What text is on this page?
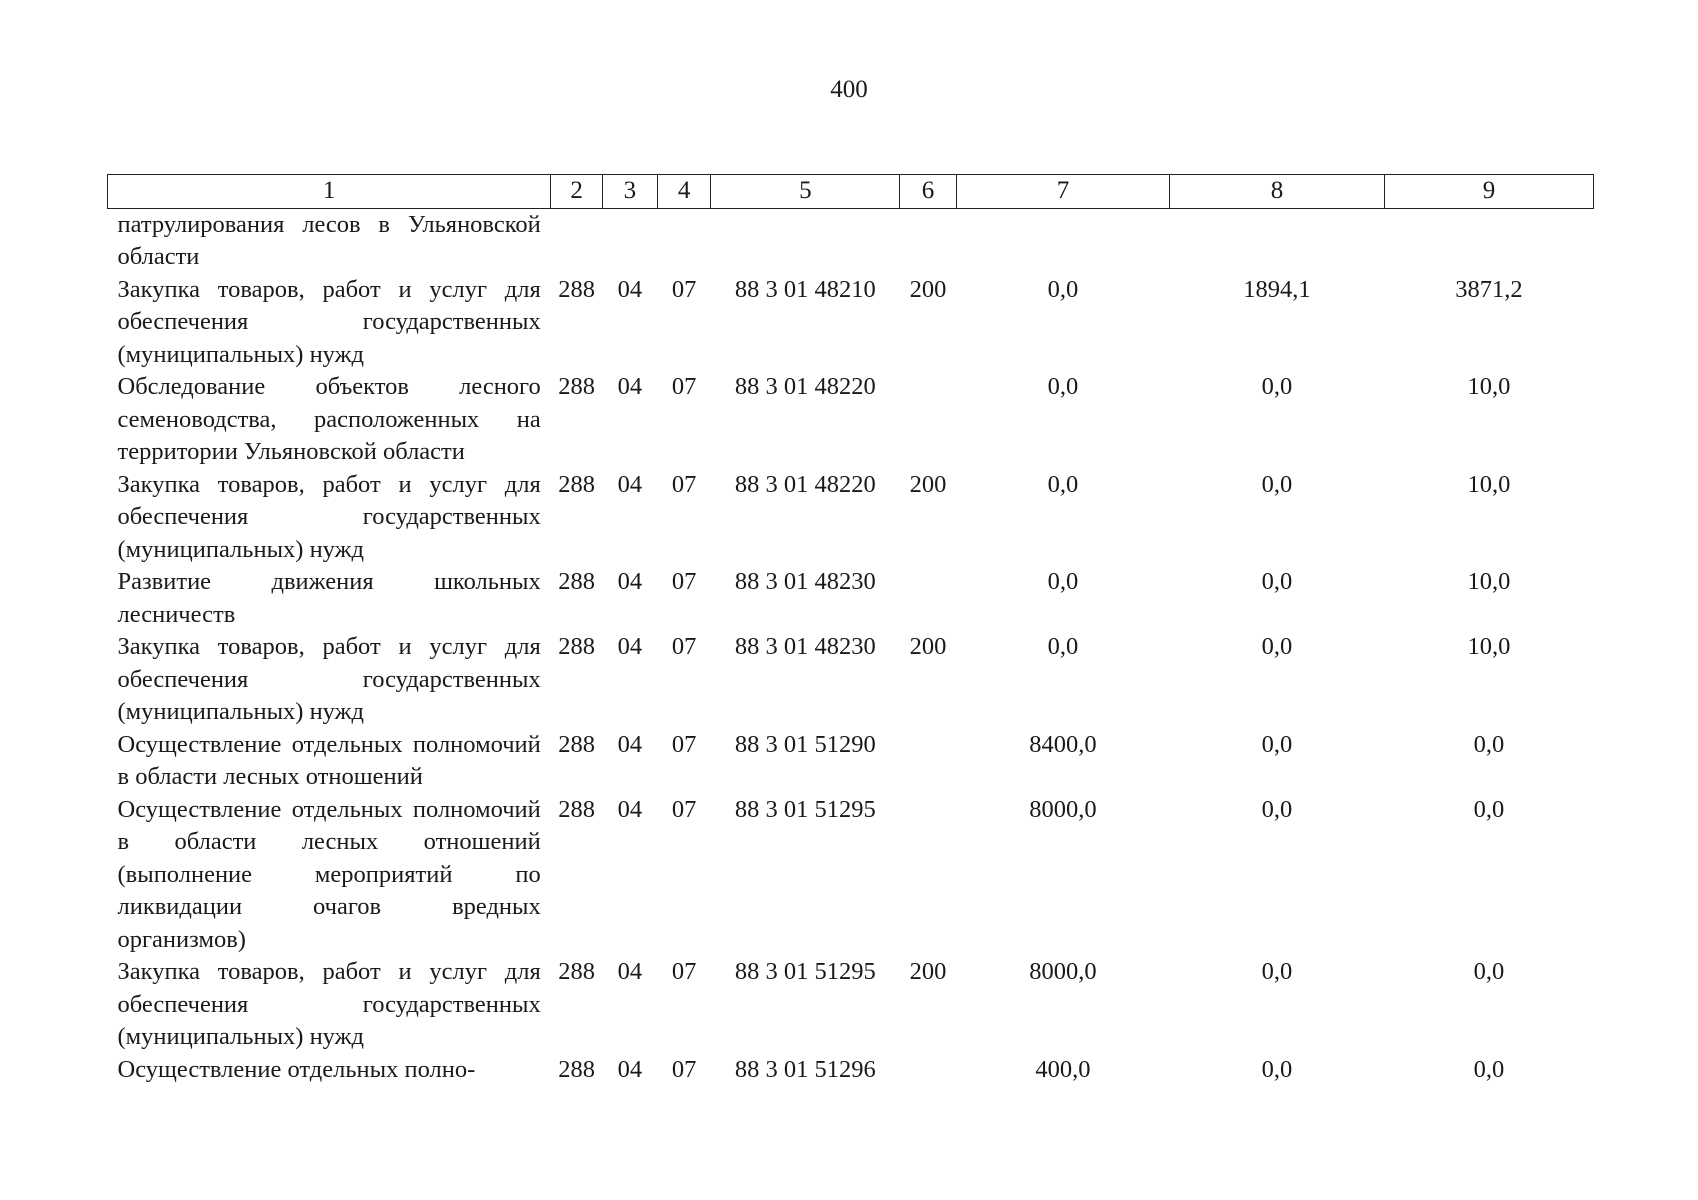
400
1	2	3	4	5	6	7	8	9
патрулирования лесов в Ульяновской области								
Закупка товаров, работ и услуг для обеспечения государственных (муниципальных) нужд	288	04	07	88 3 01 48210	200	0,0	1894,1	3871,2
Обследование объектов лесного семеноводства, расположенных на территории Ульяновской области	288	04	07	88 3 01 48220		0,0	0,0	10,0
Закупка товаров, работ и услуг для обеспечения государственных (муниципальных) нужд	288	04	07	88 3 01 48220	200	0,0	0,0	10,0
Развитие движения школьных лесничеств	288	04	07	88 3 01 48230		0,0	0,0	10,0
Закупка товаров, работ и услуг для обеспечения государственных (муниципальных) нужд	288	04	07	88 3 01 48230	200	0,0	0,0	10,0
Осуществление отдельных полномочий в области лесных отношений	288	04	07	88 3 01 51290		8400,0	0,0	0,0
Осуществление отдельных полномочий в области лесных отношений (выполнение мероприятий по ликвидации очагов вредных организмов)	288	04	07	88 3 01 51295		8000,0	0,0	0,0
Закупка товаров, работ и услуг для обеспечения государственных (муниципальных) нужд	288	04	07	88 3 01 51295	200	8000,0	0,0	0,0
Осуществление отдельных полно-	288	04	07	88 3 01 51296		400,0	0,0	0,0
